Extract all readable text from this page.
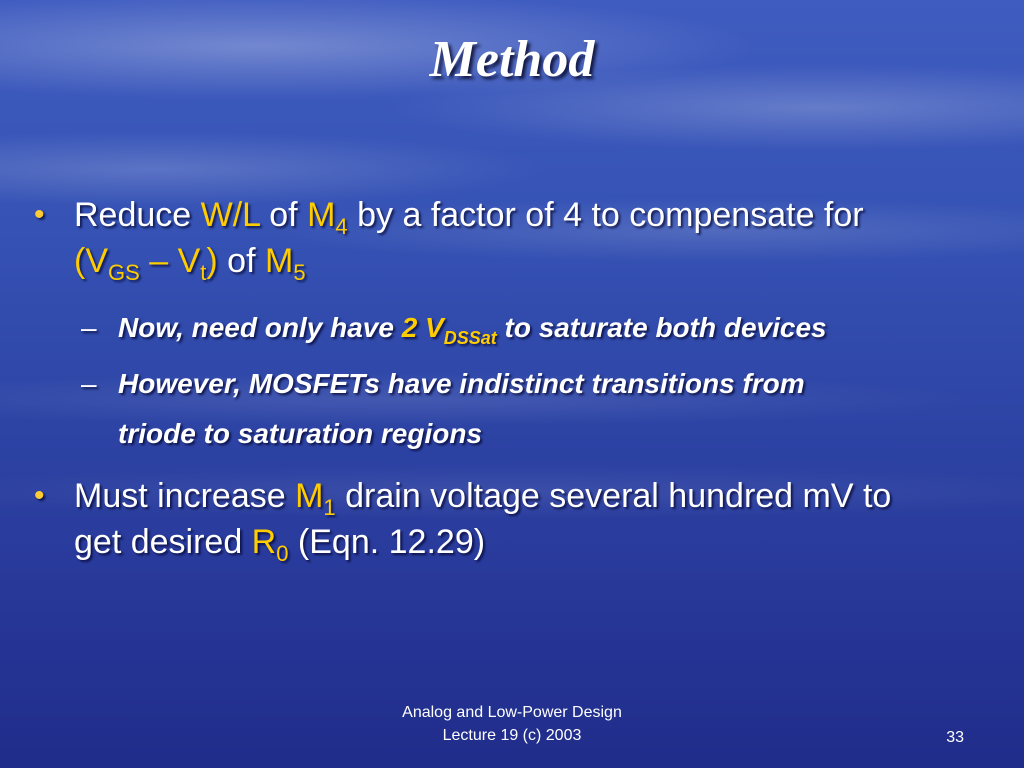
Method
• Reduce W/L of $M_4$ by a factor of 4 to compensate for
$(V_{GS} - V_t)$ of $M_5$
– Now, need only have 2 $V_{DSSat}$ to saturate both devices
– However, MOSFETs have indistinct transitions from
triode to saturation regions
• Must increase $M_1$ drain voltage several hundred mV to
get desired $R_0$ (Eqn. 12.29)
Analog and Low-Power Design
Lecture 19 (c) 2003	33
